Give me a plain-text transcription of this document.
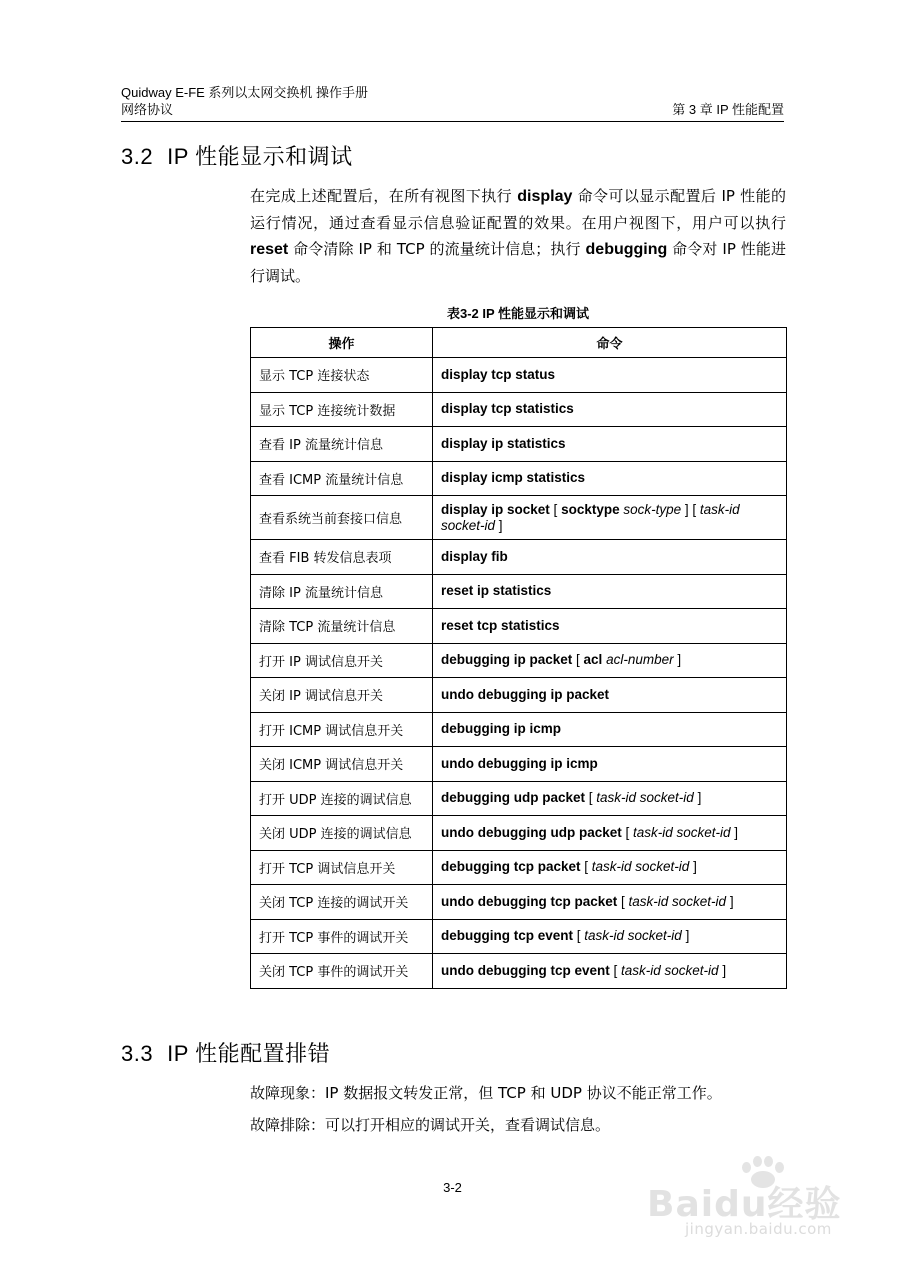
Quidway E-FE 系列以太网交换机 操作手册
网络协议	第 3 章 IP 性能配置
3.2 IP 性能显示和调试

在完成上述配置后，在所有视图下执行 display 命令可以显示配置后 IP 性能的运行情况，通过查看显示信息验证配置的效果。在用户视图下，用户可以执行 reset 命令清除 IP 和 TCP 的流量统计信息；执行 debugging 命令对 IP 性能进行调试。

表3-2 IP 性能显示和调试
操作	命令
显示 TCP 连接状态	display tcp status
显示 TCP 连接统计数据	display tcp statistics
查看 IP 流量统计信息	display ip statistics
查看 ICMP 流量统计信息	display icmp statistics
查看系统当前套接口信息	display ip socket [ socktype sock-type ] [ task-id socket-id ]
查看 FIB 转发信息表项	display fib
清除 IP 流量统计信息	reset ip statistics
清除 TCP 流量统计信息	reset tcp statistics
打开 IP 调试信息开关	debugging ip packet [ acl acl-number ]
关闭 IP 调试信息开关	undo debugging ip packet
打开 ICMP 调试信息开关	debugging ip icmp
关闭 ICMP 调试信息开关	undo debugging ip icmp
打开 UDP 连接的调试信息	debugging udp packet [ task-id socket-id ]
关闭 UDP 连接的调试信息	undo debugging udp packet [ task-id socket-id ]
打开 TCP 调试信息开关	debugging tcp packet [ task-id socket-id ]
关闭 TCP 连接的调试开关	undo debugging tcp packet [ task-id socket-id ]
打开 TCP 事件的调试开关	debugging tcp event [ task-id socket-id ]
关闭 TCP 事件的调试开关	undo debugging tcp event [ task-id socket-id ]
3.3 IP 性能配置排错

故障现象：IP 数据报文转发正常，但 TCP 和 UDP 协议不能正常工作。

故障排除：可以打开相应的调试开关，查看调试信息。

3-2	Baidu经验
jingyan.baidu.com
